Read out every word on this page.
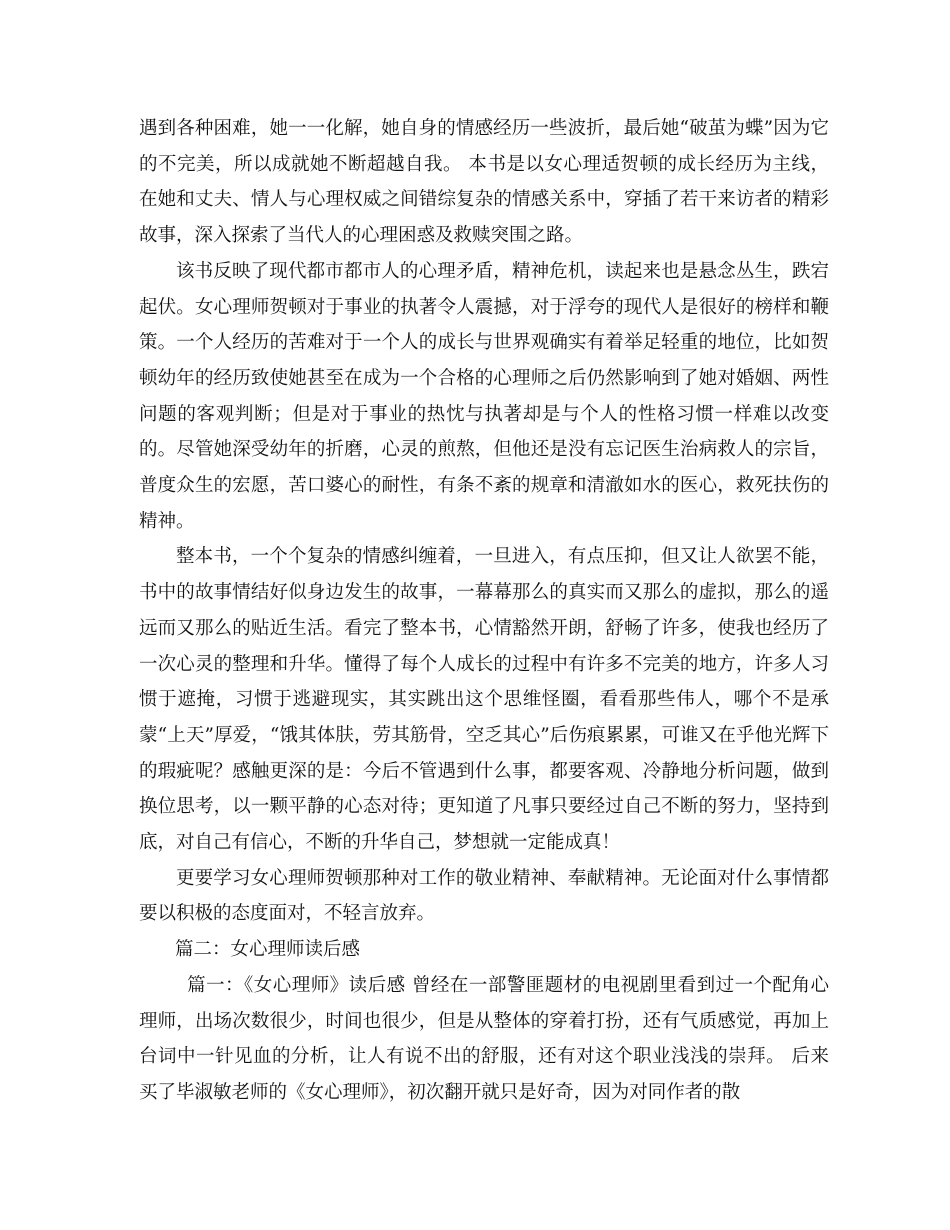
遇到各种困难，她一一化解，她自身的情感经历一些波折，最后她“破茧为蝶”因为它的不完美，所以成就她不断超越自我。 本书是以女心理适贺顿的成长经历为主线，在她和丈夫、情人与心理权威之间错综复杂的情感关系中，穿插了若干来访者的精彩故事，深入探索了当代人的心理困惑及救赎突围之路。

该书反映了现代都市都市人的心理矛盾，精神危机，读起来也是悬念丛生，跌宕起伏。女心理师贺顿对于事业的执著令人震撼，对于浮夸的现代人是很好的榜样和鞭策。一个人经历的苦难对于一个人的成长与世界观确实有着举足轻重的地位，比如贺顿幼年的经历致使她甚至在成为一个合格的心理师之后仍然影响到了她对婚姻、两性问题的客观判断；但是对于事业的热忱与执著却是与个人的性格习惯一样难以改变的。尽管她深受幼年的折磨，心灵的煎熬，但他还是没有忘记医生治病救人的宗旨，普度众生的宏愿，苦口婆心的耐性，有条不紊的规章和清澈如水的医心，救死扶伤的精神。

整本书，一个个复杂的情感纠缠着，一旦进入，有点压抑，但又让人欲罢不能，书中的故事情结好似身边发生的故事，一幕幕那么的真实而又那么的虚拟，那么的遥远而又那么的贴近生活。看完了整本书，心情豁然开朗，舒畅了许多，使我也经历了一次心灵的整理和升华。懂得了每个人成长的过程中有许多不完美的地方，许多人习惯于遮掩，习惯于逃避现实，其实跳出这个思维怪圈，看看那些伟人，哪个不是承蒙“上天”厚爱，“饿其体肤，劳其筋骨，空乏其心”后伤痕累累，可谁又在乎他光辉下的瑕疵呢？感触更深的是：今后不管遇到什么事，都要客观、冷静地分析问题，做到换位思考，以一颗平静的心态对待；更知道了凡事只要经过自己不断的努力，坚持到底，对自己有信心，不断的升华自己，梦想就一定能成真！

更要学习女心理师贺顿那种对工作的敬业精神、奉献精神。无论面对什么事情都要以积极的态度面对，不轻言放弃。

篇二：女心理师读后感

篇一：《女心理师》读后感 曾经在一部警匪题材的电视剧里看到过一个配角心理师，出场次数很少，时间也很少，但是从整体的穿着打扮，还有气质感觉，再加上台词中一针见血的分析，让人有说不出的舒服，还有对这个职业浅浅的崇拜。 后来买了毕淑敏老师的《女心理师》，初次翻开就只是好奇，因为对同作者的散
